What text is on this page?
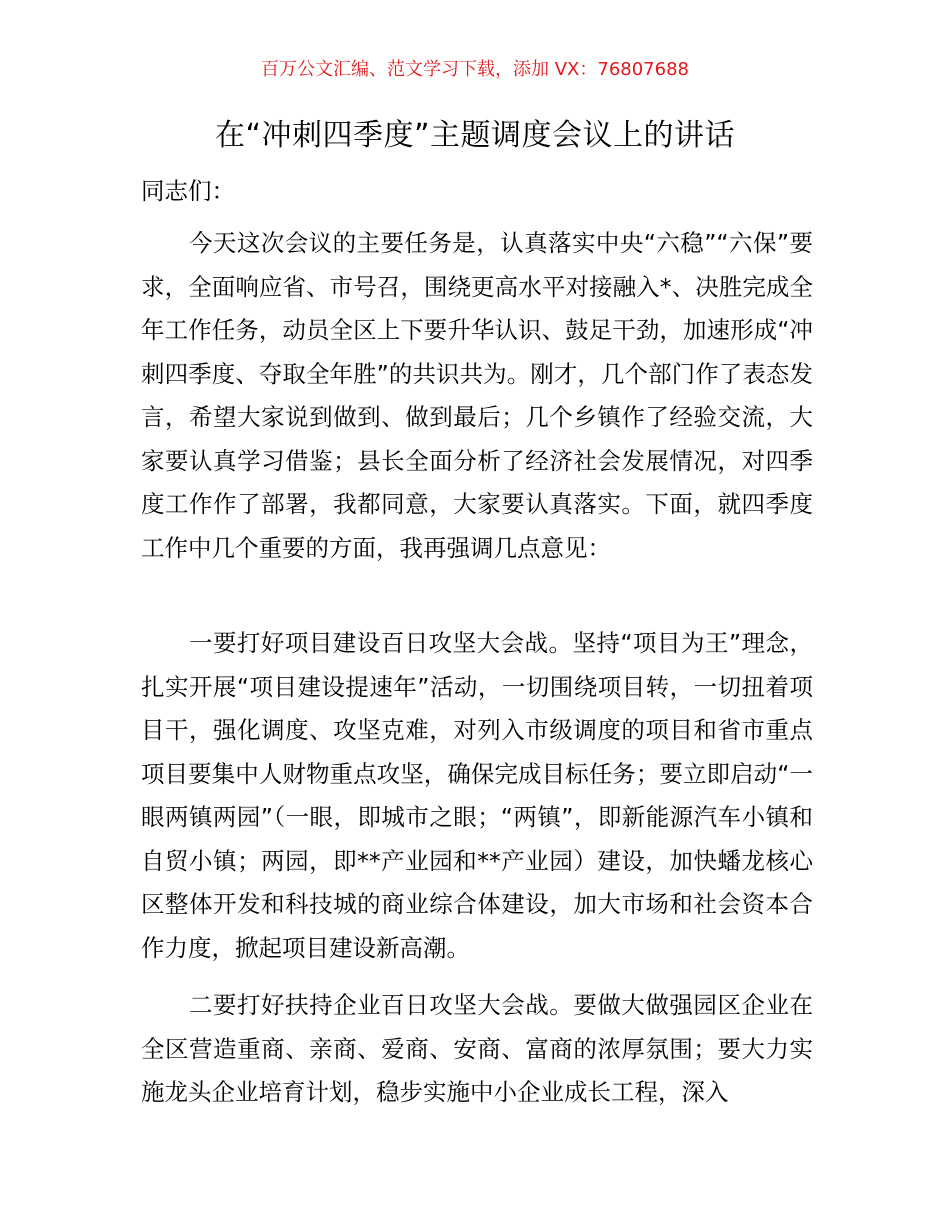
百万公文汇编、范文学习下载，添加 VX：76807688
在“冲刺四季度”主题调度会议上的讲话

同志们：

今天这次会议的主要任务是，认真落实中央“六稳”“六保”要求，全面响应省、市号召，围绕更高水平对接融入*、决胜完成全年工作任务，动员全区上下要升华认识、鼓足干劲，加速形成“冲刺四季度、夺取全年胜”的共识共为。刚才，几个部门作了表态发言，希望大家说到做到、做到最后；几个乡镇作了经验交流，大家要认真学习借鉴；县长全面分析了经济社会发展情况，对四季度工作作了部署，我都同意，大家要认真落实。下面，就四季度工作中几个重要的方面，我再强调几点意见：

一要打好项目建设百日攻坚大会战。坚持“项目为王”理念，扎实开展“项目建设提速年”活动，一切围绕项目转，一切扭着项目干，强化调度、攻坚克难，对列入市级调度的项目和省市重点项目要集中人财物重点攻坚，确保完成目标任务；要立即启动“一眼两镇两园”（一眼，即城市之眼；“两镇”，即新能源汽车小镇和自贸小镇；两园，即**产业园和**产业园）建设，加快蟠龙核心区整体开发和科技城的商业综合体建设，加大市场和社会资本合作力度，掀起项目建设新高潮。

二要打好扶持企业百日攻坚大会战。要做大做强园区企业在全区营造重商、亲商、爱商、安商、富商的浓厚氛围；要大力实施龙头企业培育计划，稳步实施中小企业成长工程，深入
